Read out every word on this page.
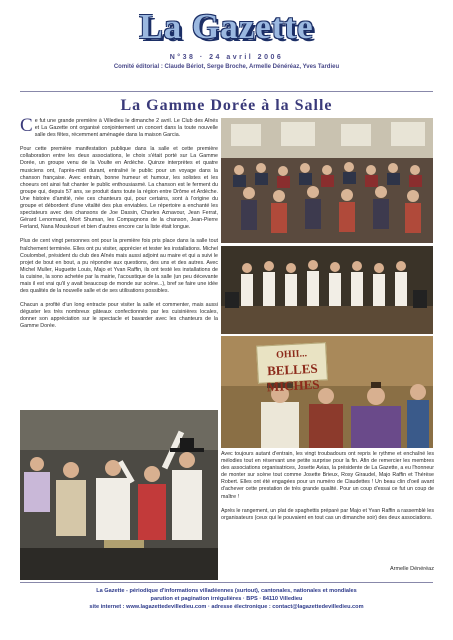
La Gazette
N°38 · 24 avril 2006
Comité éditorial : Claude Bériot, Serge Broche, Armelle Dénéréaz, Yves Tardieu
La Gamme Dorée à la Salle

Ce fut une grande première à Villedieu le dimanche 2 avril. Le Club des Aînés et La Gazette ont organisé conjointement un concert dans la toute nouvelle salle des fêtes, récemment aménagée dans la maison Garcia.

Pour cette première manifestation publique dans la salle et cette première collaboration entre les deux associations, le choix s'était porté sur La Gamme Dorée, un groupe venu de la Voulte en Ardèche. Quinze interprètes et quatre musiciens ont, l'après-midi durant, entraîné le public pour un voyage dans la chanson française. Avec entrain, bonne humeur et humour, les solistes et les choeurs ont ainsi fait chanter le public enthousiasmé. La chanson est le ferment du groupe qui, depuis 57 ans, se produit dans toute la région entre Drôme et Ardèche. Une histoire d'amitié, née ces chanteurs qui, pour certains, sont à l'origine du groupe et débordent d'une vitalité des plus enviables. Le répertoire a enchanté les spectateurs avec des chansons de Joe Dassin, Charles Aznavour, Jean Ferrat, Gérard Lenormand, Mort Shuman, les Compagnons de la chanson, Jean-Pierre Ferland, Nana Mouskouri et bien d'autres encore car la liste était longue.

Plus de cent vingt personnes ont pour la première fois pris place dans la salle tout fraîchement terminée. Elles ont pu visiter, apprécier et tester les installations. Michel Coulombel, président du club des Aînés mais aussi adjoint au maire et qui a suivi le projet de bout en bout, a pu répondre aux questions, des uns et des autres. Avec Michel Muller, Huguette Louis, Majo et Yvan Raffin, ils ont testé les installations de la cuisine, la sono achetée par la mairie, l'acoustique de la salle (un peu décevante mais il est vrai qu'il y avait beaucoup de monde sur scène...), bref se faire une idée des qualités de la nouvelle salle et de ses utilisations possibles.

Chacun a profité d'un long entracte pour visiter la salle et commenter, mais aussi déguster les très nombreux gâteaux confectionnés par les cuisinières locales, donner son appréciation sur le spectacle et bavarder avec les chanteurs de la Gamme Dorée.

OHII...
BELLES MICHES

Avec toujours autant d'entrain, les vingt troubadours ont repris le rythme et enchaîné les mélodies tout en réservant une petite surprise pour la fin. Afin de remercier les membres des associations organisatrices, Josette Avias, la présidente de La Gazette, a eu l'honneur de monter sur scène tout comme Josette Brieux, Rosy Giraudel, Majo Raffin et Thérèse Robert. Elles ont été engagées pour un numéro de Claudettes ! Un beau clin d'oeil avant d'achever cette prestation de très grande qualité. Pour un coup d'essai ce fut un coup de maître !

Après le rangement, un plat de spaghettis préparé par Majo et Yvan Raffin a rassemblé les organisateurs (ceux qui le pouvaient en tout cas un dimanche soir) des deux associations.

Armelle Dénéréaz
La Gazette - périodique d'informations villadéennes (surtout), cantonales, nationales et mondiales
parution et pagination irrégulières · BPS · 84110 Villedieu
site internet : www.lagazettedevilledieu.com · adresse électronique : contact@lagazettedevilledieu.com
